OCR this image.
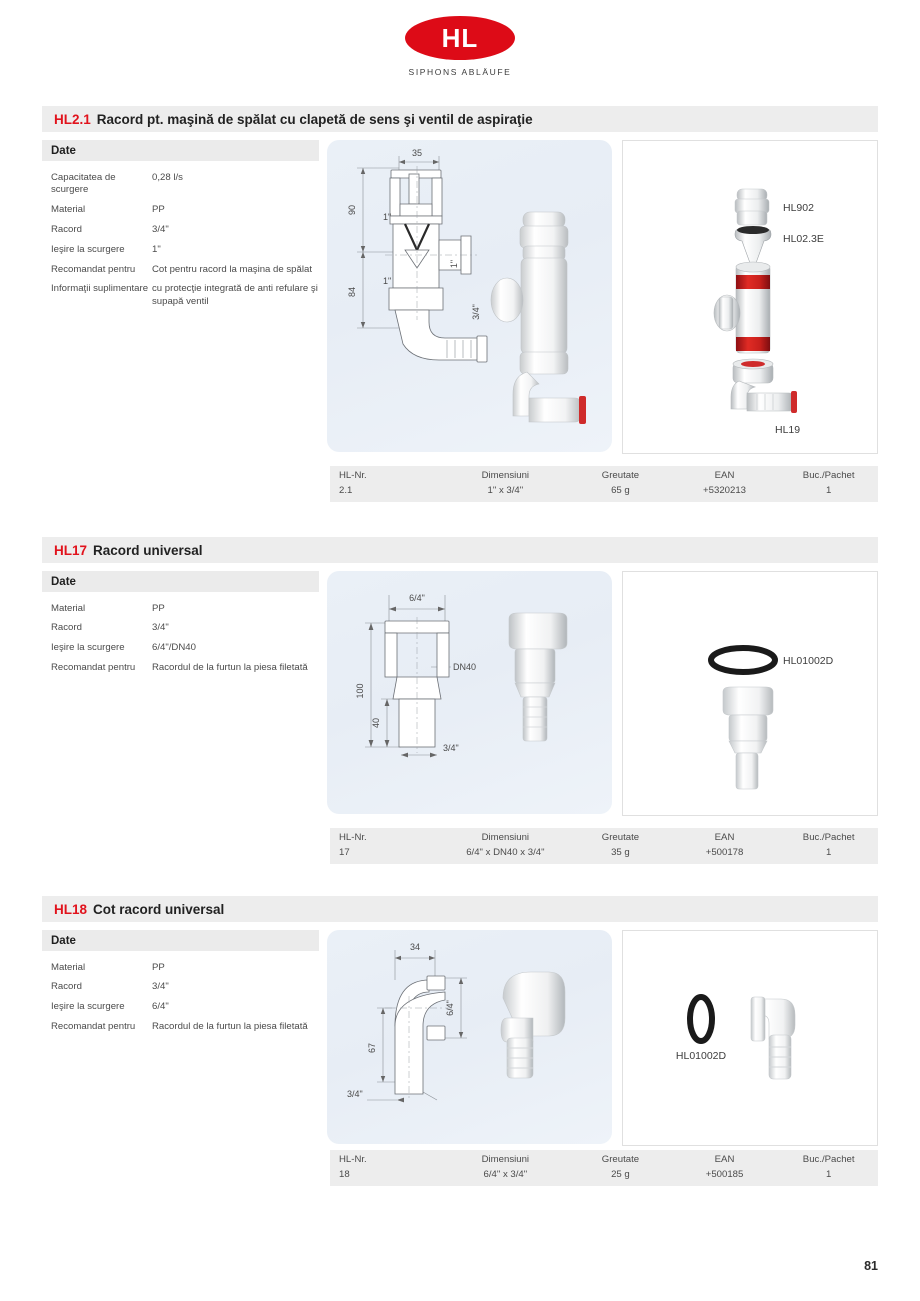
HL
SIPHONS ABLÄUFE
HL2.1 Racord pt. maşină de spălat cu clapetă de sens şi ventil de aspiraţie
Date
Capacitatea de scurgere	0,28 l/s
Material	PP
Racord	3/4"
Ieşire la scurgere	1"
Recomandat pentru	Cot pentru racord la maşina de spălat
Informaţii suplimentare	cu protecţie integrată de anti refulare şi supapă ventil
35
90
84
1"
1"
1"
3/4"
HL902
HL02.3E
HL19
HL-Nr.	Dimensiuni	Greutate	EAN	Buc./Pachet
2.1	1" x 3/4"	65 g	+5320213	1
HL17 Racord universal
Date
Material	PP
Racord	3/4"
Ieşire la scurgere	6/4"/DN40
Recomandat pentru	Racordul de la furtun la piesa filetată
6/4"
DN40
100
40
3/4"
HL01002D
HL-Nr.	Dimensiuni	Greutate	EAN	Buc./Pachet
17	6/4" x DN40 x 3/4"	35 g	+500178	1
HL18 Cot racord universal
Date
Material	PP
Racord	3/4"
Ieşire la scurgere	6/4"
Recomandat pentru	Racordul de la furtun la piesa filetată
34
6/4"
67
3/4"
HL01002D
HL-Nr.	Dimensiuni	Greutate	EAN	Buc./Pachet
18	6/4" x 3/4"	25 g	+500185	1
81
